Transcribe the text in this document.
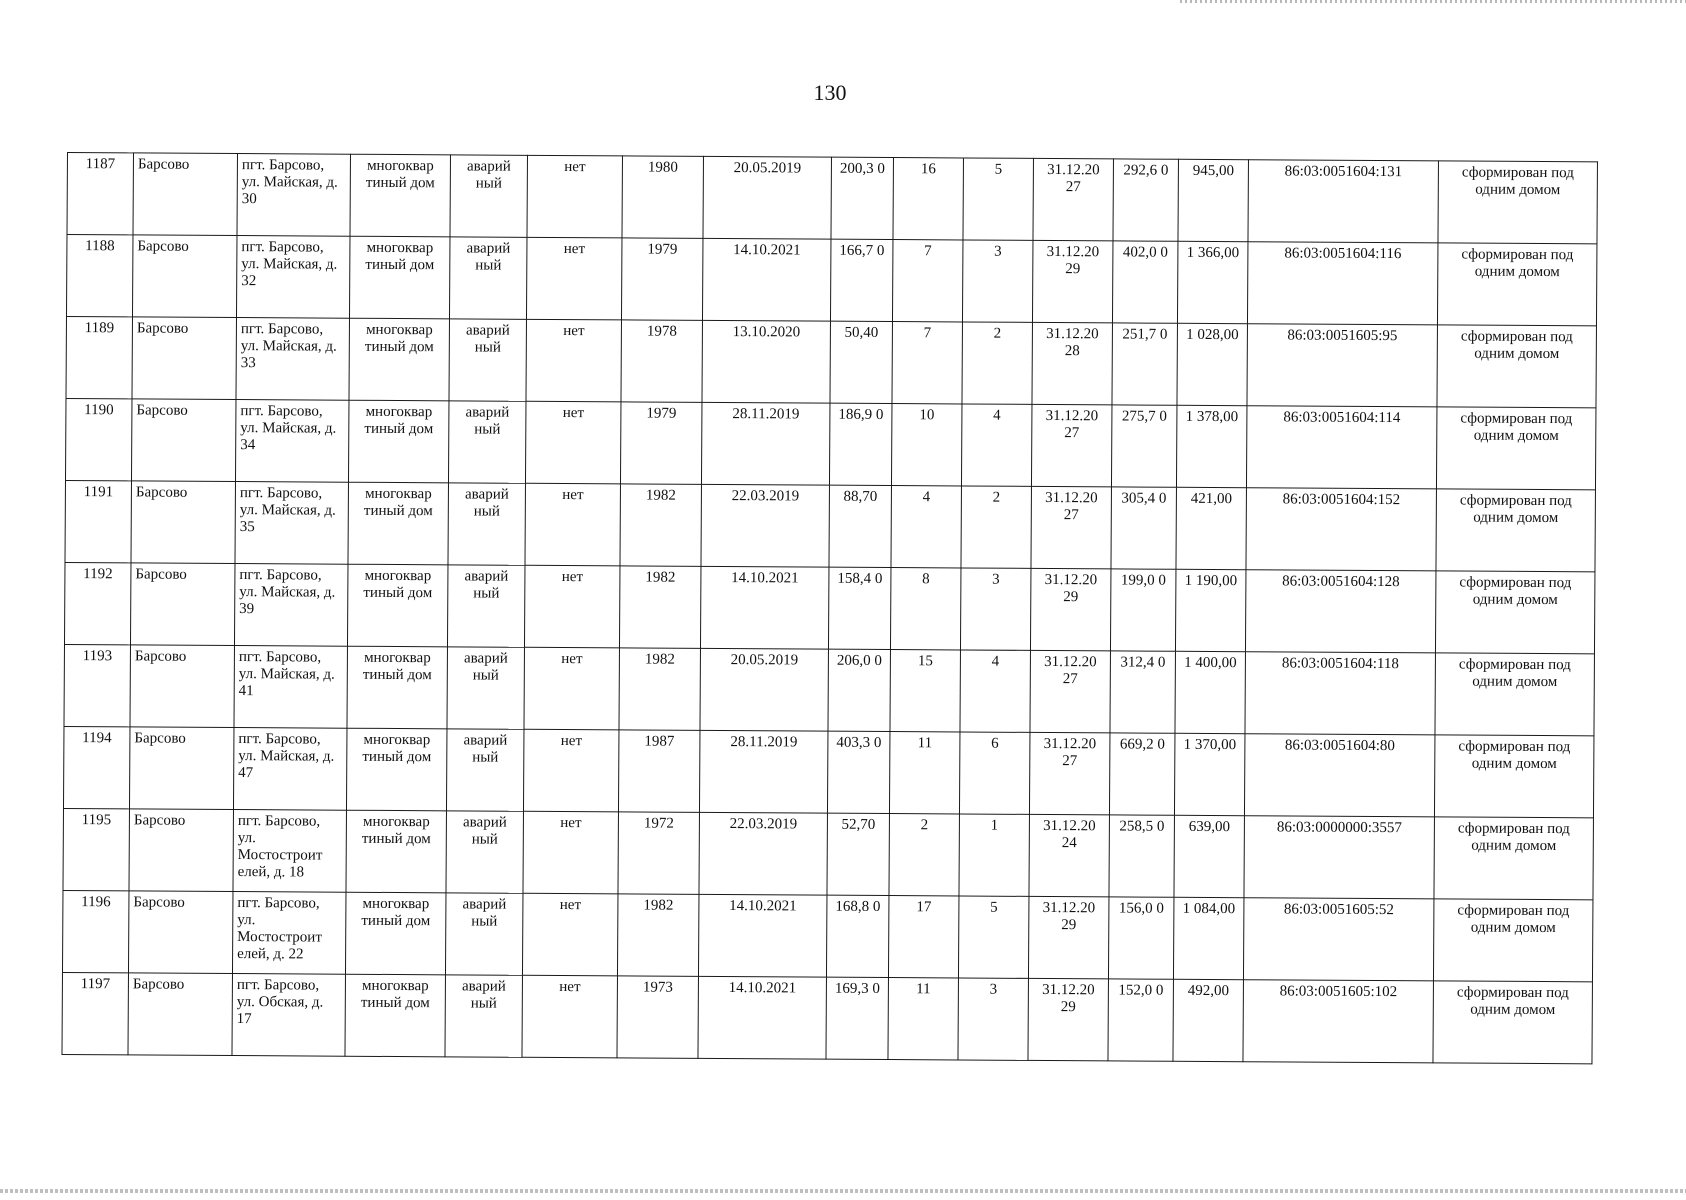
130
1187	Барсово	пгт. Барсово, ул. Майская, д. 30	многоквар тиный дом	аварий ный	нет	1980	20.05.2019	200,3 0	16	5	31.12.20 27	292,6 0	945,00	86:03:0051604:131	сформирован под одним домом
1188	Барсово	пгт. Барсово, ул. Майская, д. 32	многоквар тиный дом	аварий ный	нет	1979	14.10.2021	166,7 0	7	3	31.12.20 29	402,0 0	1 366,00	86:03:0051604:116	сформирован под одним домом
1189	Барсово	пгт. Барсово, ул. Майская, д. 33	многоквар тиный дом	аварий ный	нет	1978	13.10.2020	50,40	7	2	31.12.20 28	251,7 0	1 028,00	86:03:0051605:95	сформирован под одним домом
1190	Барсово	пгт. Барсово, ул. Майская, д. 34	многоквар тиный дом	аварий ный	нет	1979	28.11.2019	186,9 0	10	4	31.12.20 27	275,7 0	1 378,00	86:03:0051604:114	сформирован под одним домом
1191	Барсово	пгт. Барсово, ул. Майская, д. 35	многоквар тиный дом	аварий ный	нет	1982	22.03.2019	88,70	4	2	31.12.20 27	305,4 0	421,00	86:03:0051604:152	сформирован под одним домом
1192	Барсово	пгт. Барсово, ул. Майская, д. 39	многоквар тиный дом	аварий ный	нет	1982	14.10.2021	158,4 0	8	3	31.12.20 29	199,0 0	1 190,00	86:03:0051604:128	сформирован под одним домом
1193	Барсово	пгт. Барсово, ул. Майская, д. 41	многоквар тиный дом	аварий ный	нет	1982	20.05.2019	206,0 0	15	4	31.12.20 27	312,4 0	1 400,00	86:03:0051604:118	сформирован под одним домом
1194	Барсово	пгт. Барсово, ул. Майская, д. 47	многоквар тиный дом	аварий ный	нет	1987	28.11.2019	403,3 0	11	6	31.12.20 27	669,2 0	1 370,00	86:03:0051604:80	сформирован под одним домом
1195	Барсово	пгт. Барсово, ул. Мостостроит елей, д. 18	многоквар тиный дом	аварий ный	нет	1972	22.03.2019	52,70	2	1	31.12.20 24	258,5 0	639,00	86:03:0000000:3557	сформирован под одним домом
1196	Барсово	пгт. Барсово, ул. Мостостроит елей, д. 22	многоквар тиный дом	аварий ный	нет	1982	14.10.2021	168,8 0	17	5	31.12.20 29	156,0 0	1 084,00	86:03:0051605:52	сформирован под одним домом
1197	Барсово	пгт. Барсово, ул. Обская, д. 17	многоквар тиный дом	аварий ный	нет	1973	14.10.2021	169,3 0	11	3	31.12.20 29	152,0 0	492,00	86:03:0051605:102	сформирован под одним домом
